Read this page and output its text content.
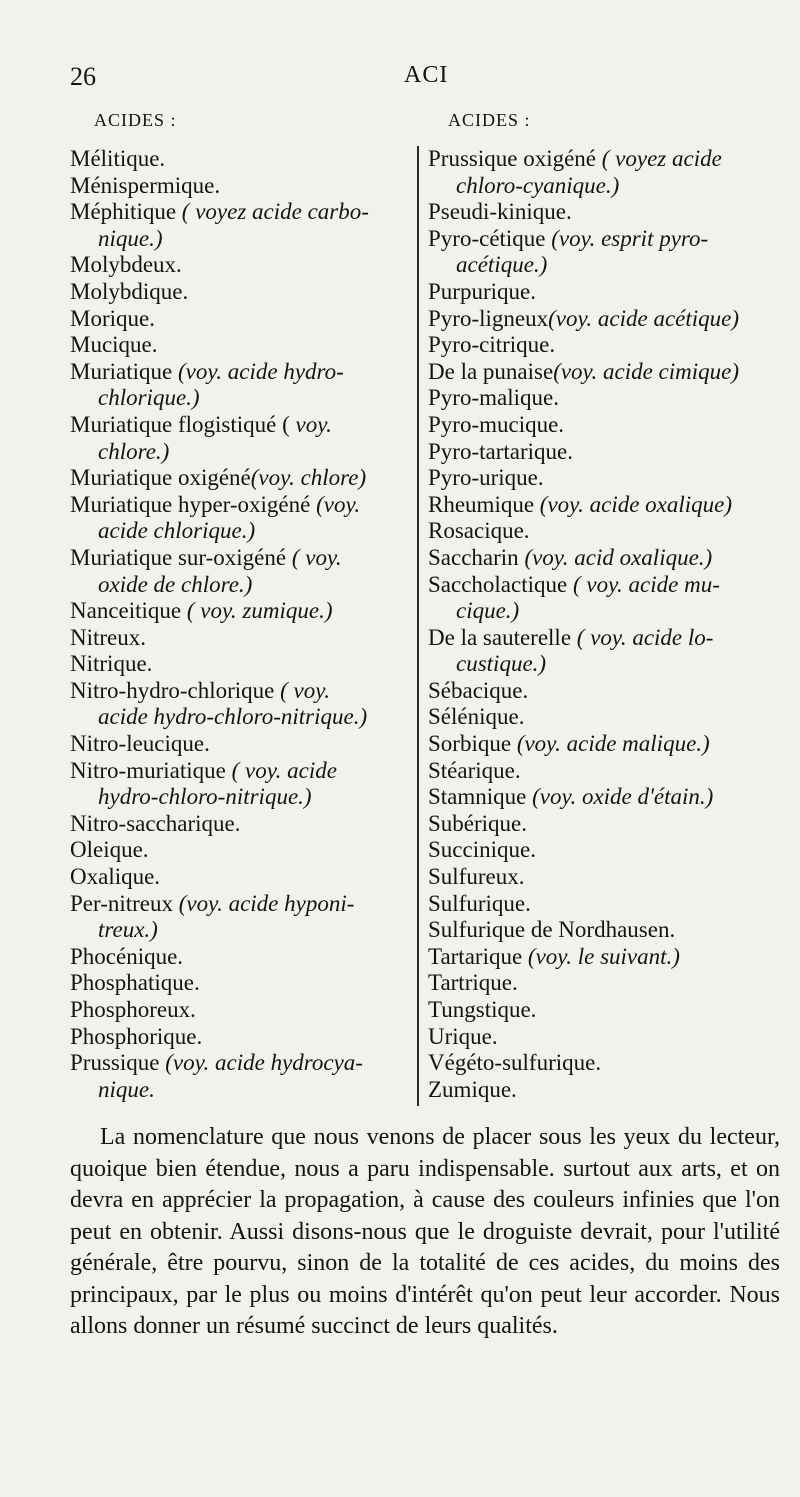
26	ACI
ACIDES :	ACIDES :
Mélitique.
Ménispermique.
Méphitique ( voyez acide carbo-
nique.)
Molybdeux.
Molybdique.
Morique.
Mucique.
Muriatique (voy. acide hydro-
chlorique.)
Muriatique flogistiqué ( voy.
chlore.)
Muriatique oxigéné(voy. chlore)
Muriatique hyper-oxigéné (voy.
acide chlorique.)
Muriatique sur-oxigéné ( voy.
oxide de chlore.)
Nanceitique ( voy. zumique.)
Nitreux.
Nitrique.
Nitro-hydro-chlorique ( voy.
acide hydro-chloro-nitrique.)
Nitro-leucique.
Nitro-muriatique ( voy. acide
hydro-chloro-nitrique.)
Nitro-saccharique.
Oleique.
Oxalique.
Per-nitreux (voy. acide hyponi-
treux.)
Phocénique.
Phosphatique.
Phosphoreux.
Phosphorique.
Prussique (voy. acide hydrocya-
nique.
Prussique oxigéné ( voyez acide
chloro-cyanique.)
Pseudi-kinique.
Pyro-cétique (voy. esprit pyro-
acétique.)
Purpurique.
Pyro-ligneux(voy. acide acétique)
Pyro-citrique.
De la punaise(voy. acide cimique)
Pyro-malique.
Pyro-mucique.
Pyro-tartarique.
Pyro-urique.
Rheumique (voy. acide oxalique)
Rosacique.
Saccharin (voy. acid oxalique.)
Saccholactique ( voy. acide mu-
cique.)
De la sauterelle ( voy. acide lo-
custique.)
Sébacique.
Sélénique.
Sorbique (voy. acide malique.)
Stéarique.
Stamnique (voy. oxide d'étain.)
Subérique.
Succinique.
Sulfureux.
Sulfurique.
Sulfurique de Nordhausen.
Tartarique (voy. le suivant.)
Tartrique.
Tungstique.
Urique.
Végéto-sulfurique.
Zumique.

La nomenclature que nous venons de placer sous les yeux du lecteur, quoique bien étendue, nous a paru indispensable. surtout aux arts, et on devra en apprécier la propagation, à cause des couleurs infinies que l'on peut en obtenir. Aussi disons-nous que le droguiste devrait, pour l'utilité générale, être pourvu, sinon de la totalité de ces acides, du moins des principaux, par le plus ou moins d'intérêt qu'on peut leur accorder. Nous allons donner un résumé succinct de leurs qualités.
